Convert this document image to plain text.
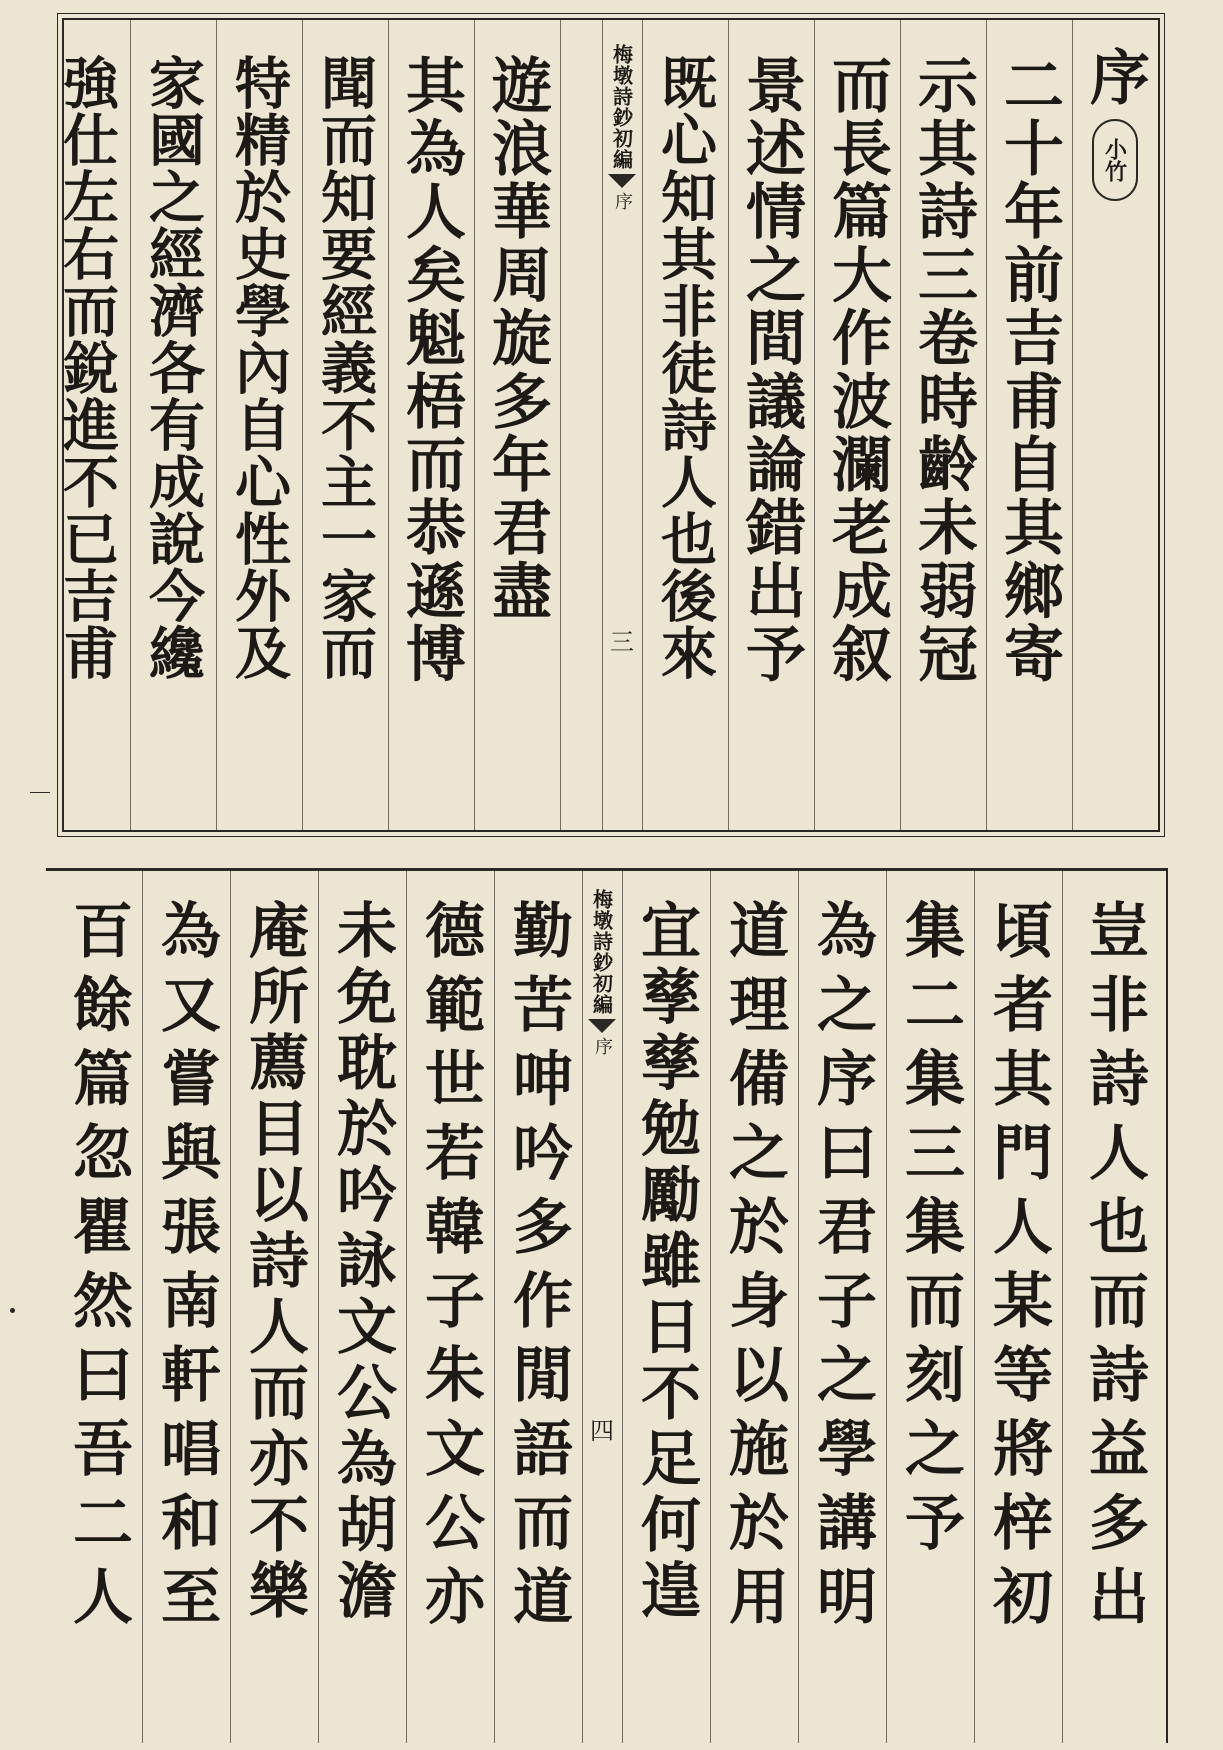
序
小竹
二十年前吉甫自其鄉寄
示其詩三卷時齡未弱冠
而長篇大作波瀾老成叙
景述情之間議論錯出予
既心知其非徒詩人也後來
梅墩詩鈔初編
序
三
遊浪華周旋多年君盡
其為人矣魁梧而恭遜博
聞而知要經義不主一家而
特精於史學內自心性外及
家國之經濟各有成說今纔
強仕左右而銳進不已吉甫
豈非詩人也而詩益多出
頃者其門人某等將梓初
集二集三集而刻之予
為之序曰君子之學講明
道理備之於身以施於用
宜孳孳勉勵雖日不足何遑
梅墩詩鈔初編
序
四
勤苦呻吟多作閒語而道
德範世若韓子朱文公亦
未免耽於吟詠文公為胡澹
庵所薦目以詩人而亦不樂
為又嘗與張南軒唱和至
百餘篇忽瞿然曰吾二人
